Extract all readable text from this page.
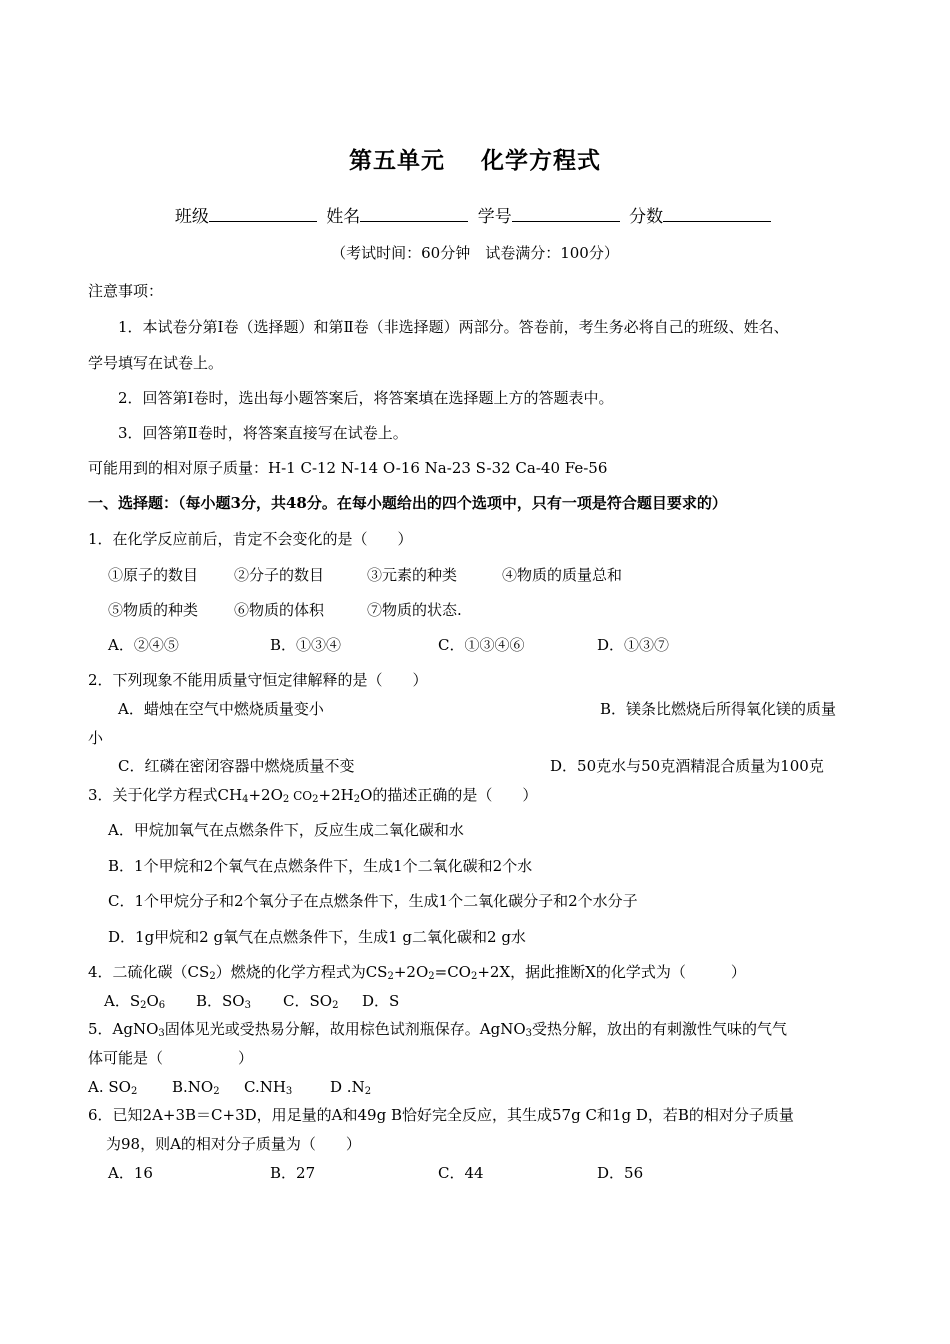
第五单元 化学方程式
班级	姓名	学号	分数
（考试时间：60分钟　试卷满分：100分）
注意事项：
1．本试卷分第Ⅰ卷（选择题）和第Ⅱ卷（非选择题）两部分。答卷前，考生务必将自己的班级、姓名、
学号填写在试卷上。
2．回答第Ⅰ卷时，选出每小题答案后，将答案填在选择题上方的答题表中。
3．回答第Ⅱ卷时，将答案直接写在试卷上。
可能用到的相对原子质量：H-1 C-12 N-14 O-16 Na-23 S-32 Ca-40 Fe-56
一、选择题：（每小题3分，共48分。在每小题给出的四个选项中，只有一项是符合题目要求的）
1．在化学反应前后，肯定不会变化的是（　　）
①原子的数目 ②分子的数目	③元素的种类	④物质的质量总和
⑤物质的种类 ⑥物质的体积	⑦物质的状态.
A．②④⑤	B．①③④	C．①③④⑥	D．①③⑦
2．下列现象不能用质量守恒定律解释的是（　　）
A．蜡烛在空气中燃烧质量变小	B．镁条比燃烧后所得氧化镁的质量
小
C．红磷在密闭容器中燃烧质量不变	D．50克水与50克酒精混合质量为100克
3．关于化学方程式$CH_4+2O_2$ $CO_2+2H_2O$的描述正确的是（　　）
A．甲烷加氧气在点燃条件下，反应生成二氧化碳和水
B．1个甲烷和2个氧气在点燃条件下，生成1个二氧化碳和2个水
C．1个甲烷分子和2个氧分子在点燃条件下，生成1个二氧化碳分子和2个水分子
D．1g甲烷和2 g氧气在点燃条件下，生成1 g二氧化碳和2 g水
4．二硫化碳$(CS_2)$燃烧的化学方程式为$CS_2+2O_2=CO_2+2X$，据此推断X的化学式为（　　　）
A．$S_2O_6$ B．$SO_3$ C．$SO_2$ D．S
5．AgNO$_3$固体见光或受热易分解，故用棕色试剂瓶保存。AgNO$_3$受热分解，放出的有刺激性气味的气气
体可能是（　　　　　）
A. $SO_2$ $B.NO_2$ $C.NH_3$	D $.N_2$
6．已知2A+3B＝C+3D，用足量的A和49g B恰好完全反应，其生成57g C和1g D，若B的相对分子质量
为98，则A的相对分子质量为（　　）
A．16	B．27	C．44	D．56
